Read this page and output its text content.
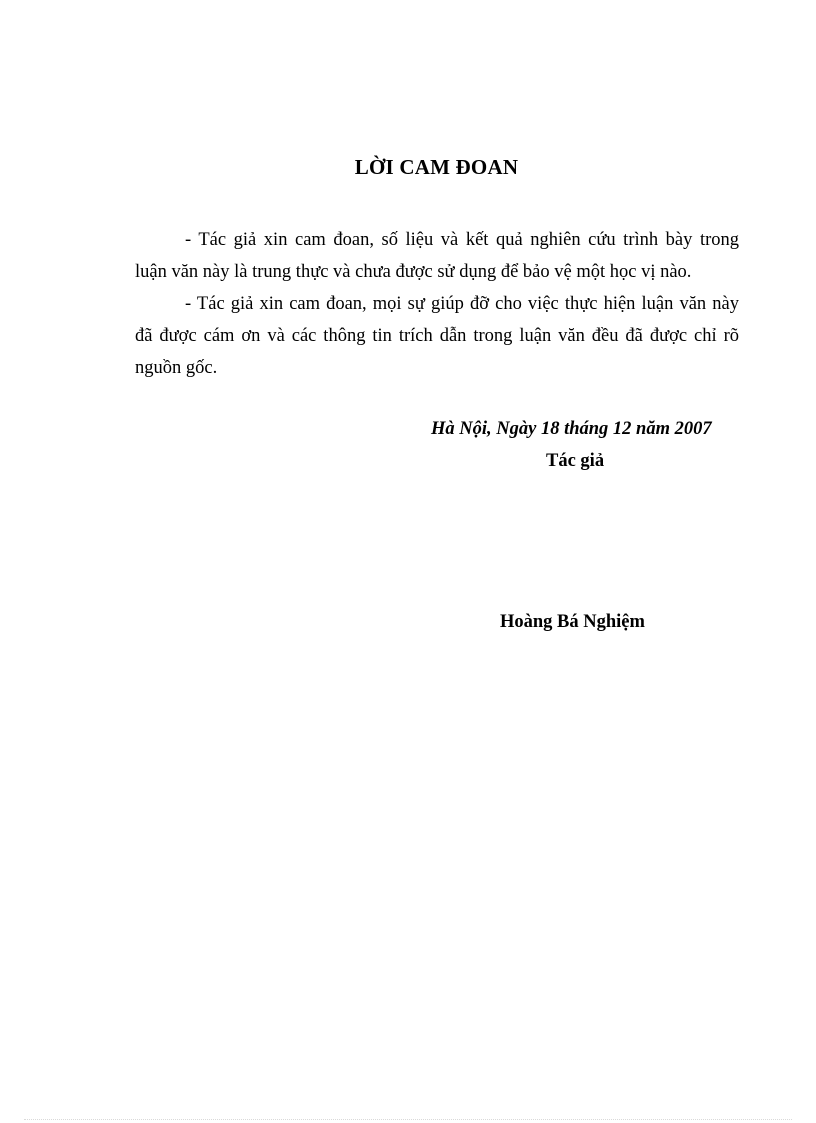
LỜI CAM ĐOAN

- Tác giả xin cam đoan, số liệu và kết quả nghiên cứu trình bày trong
luận văn này là trung thực và chưa được sử dụng để bảo vệ một học vị nào.

- Tác giả xin cam đoan, mọi sự giúp đỡ cho việc thực hiện luận văn này
đã được cám ơn và các thông tin trích dẫn trong luận văn đều đã được chỉ rõ
nguồn gốc.

Hà Nội, Ngày 18 tháng 12 năm 2007
Tác giả
Hoàng Bá Nghiệm
